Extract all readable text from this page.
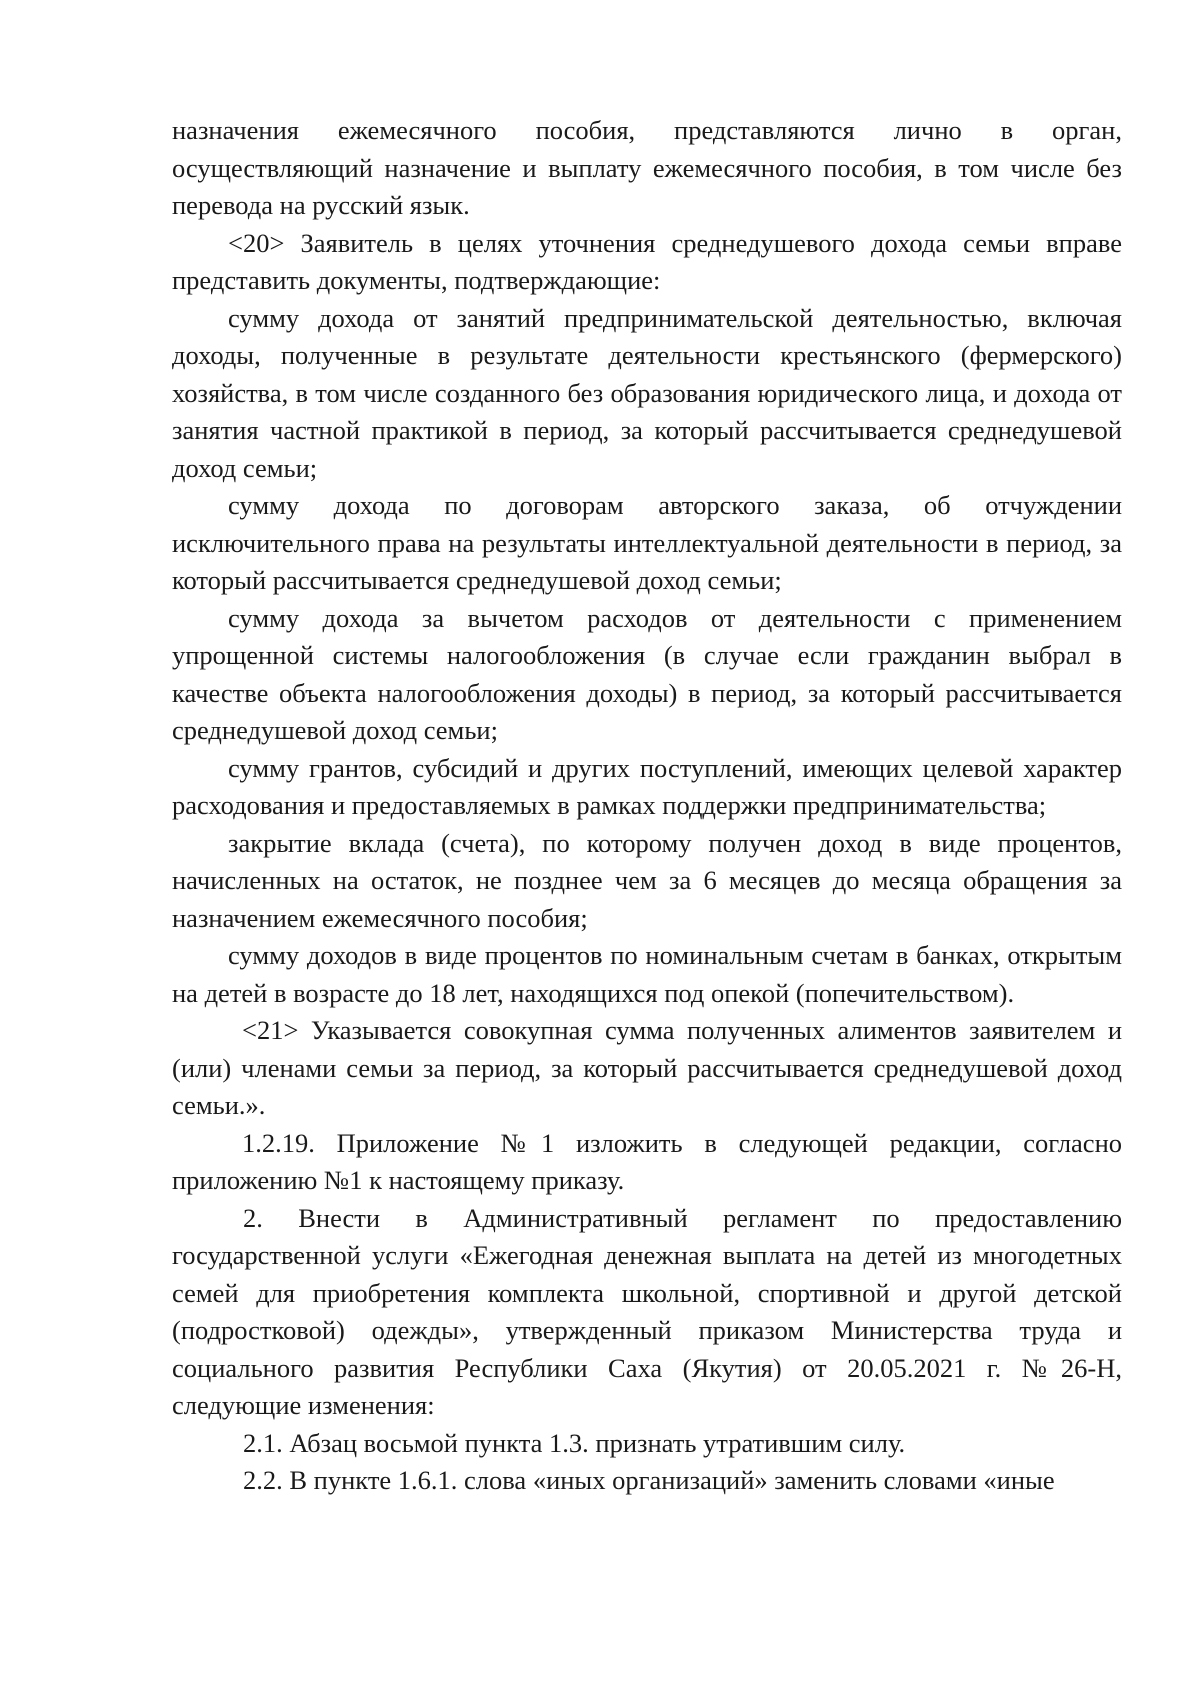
назначения ежемесячного пособия, представляются лично в орган, осуществляющий назначение и выплату ежемесячного пособия, в том числе без перевода на русский язык.

<20> Заявитель в целях уточнения среднедушевого дохода семьи вправе представить документы, подтверждающие:

сумму дохода от занятий предпринимательской деятельностью, включая доходы, полученные в результате деятельности крестьянского (фермерского) хозяйства, в том числе созданного без образования юридического лица, и дохода от занятия частной практикой в период, за который рассчитывается среднедушевой доход семьи;

сумму дохода по договорам авторского заказа, об отчуждении исключительного права на результаты интеллектуальной деятельности в период, за который рассчитывается среднедушевой доход семьи;

сумму дохода за вычетом расходов от деятельности с применением упрощенной системы налогообложения (в случае если гражданин выбрал в качестве объекта налогообложения доходы) в период, за который рассчитывается среднедушевой доход семьи;

сумму грантов, субсидий и других поступлений, имеющих целевой характер расходования и предоставляемых в рамках поддержки предпринимательства;

закрытие вклада (счета), по которому получен доход в виде процентов, начисленных на остаток, не позднее чем за 6 месяцев до месяца обращения за назначением ежемесячного пособия;

сумму доходов в виде процентов по номинальным счетам в банках, открытым на детей в возрасте до 18 лет, находящихся под опекой (попечительством).

<21> Указывается совокупная сумма полученных алиментов заявителем и (или) членами семьи за период, за который рассчитывается среднедушевой доход семьи.».

1.2.19. Приложение №1 изложить в следующей редакции, согласно приложению №1 к настоящему приказу.

2. Внести в Административный регламент по предоставлению государственной услуги «Ежегодная денежная выплата на детей из многодетных семей для приобретения комплекта школьной, спортивной и другой детской (подростковой) одежды», утвержденный приказом Министерства труда и социального развития Республики Саха (Якутия) от 20.05.2021 г. №26-Н, следующие изменения:

2.1. Абзац восьмой пункта 1.3. признать утратившим силу.

2.2. В пункте 1.6.1. слова «иных организаций» заменить словами «иные
